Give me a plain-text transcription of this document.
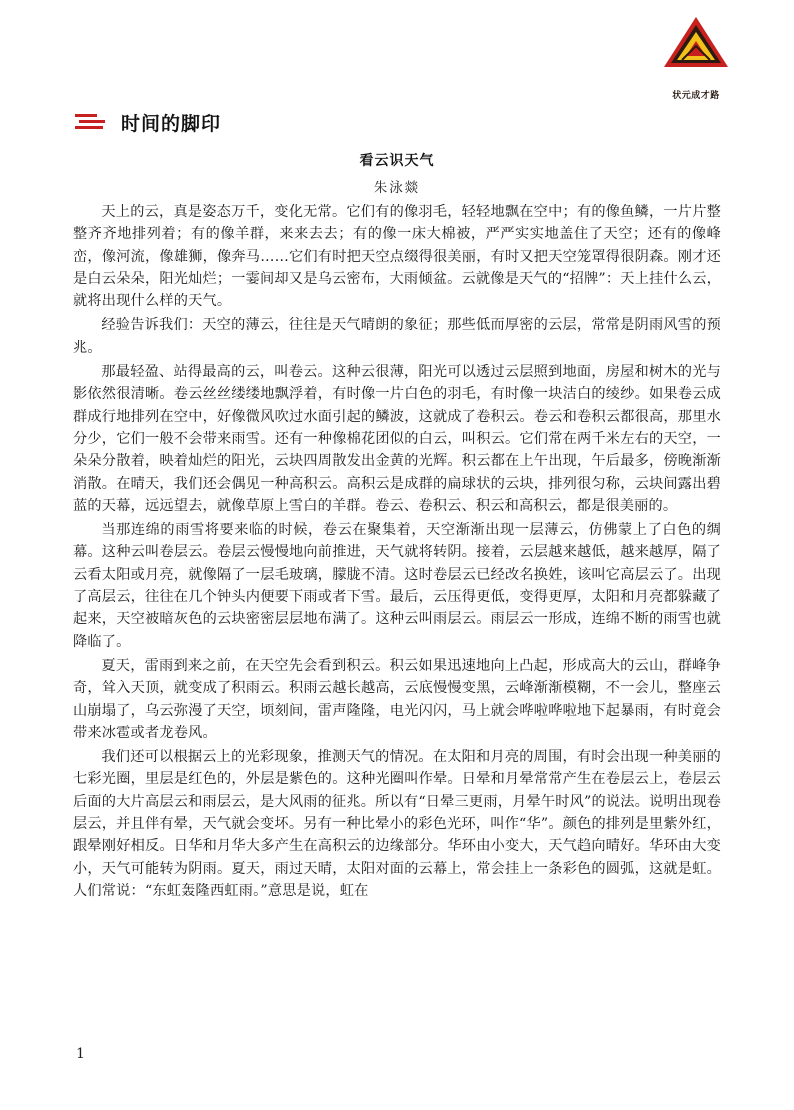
状元成才路
时间的脚印
看云识天气
朱泳燚

天上的云，真是姿态万千，变化无常。它们有的像羽毛，轻轻地飘在空中；有的像鱼鳞，一片片整整齐齐地排列着；有的像羊群，来来去去；有的像一床大棉被，严严实实地盖住了天空；还有的像峰峦，像河流，像雄狮，像奔马……它们有时把天空点缀得很美丽，有时又把天空笼罩得很阴森。刚才还是白云朵朵，阳光灿烂；一霎间却又是乌云密布，大雨倾盆。云就像是天气的“招牌”：天上挂什么云，就将出现什么样的天气。

经验告诉我们：天空的薄云，往往是天气晴朗的象征；那些低而厚密的云层，常常是阴雨风雪的预兆。

那最轻盈、站得最高的云，叫卷云。这种云很薄，阳光可以透过云层照到地面，房屋和树木的光与影依然很清晰。卷云丝丝缕缕地飘浮着，有时像一片白色的羽毛，有时像一块洁白的绫纱。如果卷云成群成行地排列在空中，好像微风吹过水面引起的鳞波，这就成了卷积云。卷云和卷积云都很高，那里水分少，它们一般不会带来雨雪。还有一种像棉花团似的白云，叫积云。它们常在两千米左右的天空，一朵朵分散着，映着灿烂的阳光，云块四周散发出金黄的光辉。积云都在上午出现，午后最多，傍晚渐渐消散。在晴天，我们还会偶见一种高积云。高积云是成群的扁球状的云块，排列很匀称，云块间露出碧蓝的天幕，远远望去，就像草原上雪白的羊群。卷云、卷积云、积云和高积云，都是很美丽的。

当那连绵的雨雪将要来临的时候，卷云在聚集着，天空渐渐出现一层薄云，仿佛蒙上了白色的绸幕。这种云叫卷层云。卷层云慢慢地向前推进，天气就将转阴。接着，云层越来越低，越来越厚，隔了云看太阳或月亮，就像隔了一层毛玻璃，朦胧不清。这时卷层云已经改名换姓，该叫它高层云了。出现了高层云，往往在几个钟头内便要下雨或者下雪。最后，云压得更低，变得更厚，太阳和月亮都躲藏了起来，天空被暗灰色的云块密密层层地布满了。这种云叫雨层云。雨层云一形成，连绵不断的雨雪也就降临了。

夏天，雷雨到来之前，在天空先会看到积云。积云如果迅速地向上凸起，形成高大的云山，群峰争奇，耸入天顶，就变成了积雨云。积雨云越长越高，云底慢慢变黑，云峰渐渐模糊，不一会儿，整座云山崩塌了，乌云弥漫了天空，顷刻间，雷声隆隆，电光闪闪，马上就会哗啦哗啦地下起暴雨，有时竟会带来冰雹或者龙卷风。

我们还可以根据云上的光彩现象，推测天气的情况。在太阳和月亮的周围，有时会出现一种美丽的七彩光圈，里层是红色的，外层是紫色的。这种光圈叫作晕。日晕和月晕常常产生在卷层云上，卷层云后面的大片高层云和雨层云，是大风雨的征兆。所以有“日晕三更雨，月晕午时风”的说法。说明出现卷层云，并且伴有晕，天气就会变坏。另有一种比晕小的彩色光环，叫作“华”。颜色的排列是里紫外红，跟晕刚好相反。日华和月华大多产生在高积云的边缘部分。华环由小变大，天气趋向晴好。华环由大变小，天气可能转为阴雨。夏天，雨过天晴，太阳对面的云幕上，常会挂上一条彩色的圆弧，这就是虹。人们常说：“东虹轰隆西虹雨。”意思是说，虹在

1
